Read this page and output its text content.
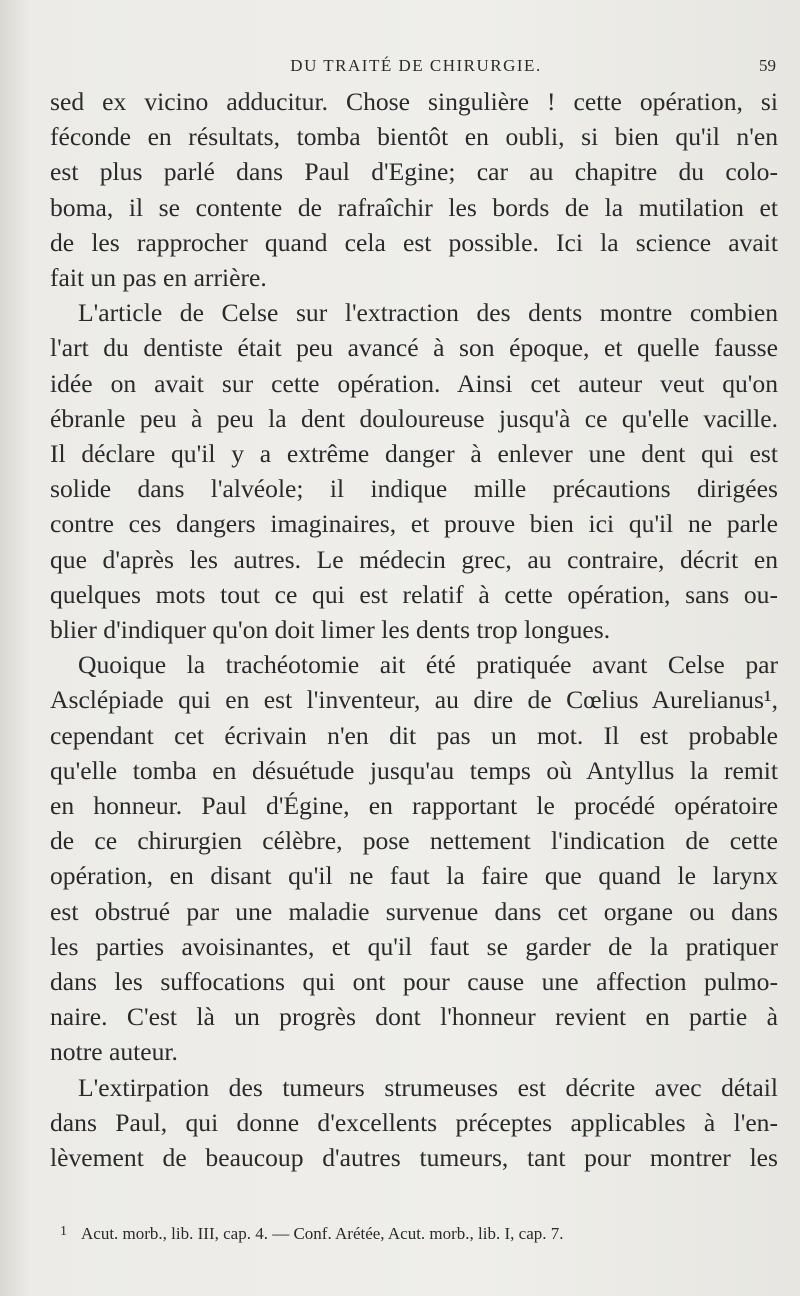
DU TRAITÉ DE CHIRURGIE.	59

sed ex vicino adducitur. Chose singulière ! cette opération, si
féconde en résultats, tomba bientôt en oubli, si bien qu'il n'en
est plus parlé dans Paul d'Egine; car au chapitre du colo-
boma, il se contente de rafraîchir les bords de la mutilation et
de les rapprocher quand cela est possible. Ici la science avait
fait un pas en arrière.

L'article de Celse sur l'extraction des dents montre combien
l'art du dentiste était peu avancé à son époque, et quelle fausse
idée on avait sur cette opération. Ainsi cet auteur veut qu'on
ébranle peu à peu la dent douloureuse jusqu'à ce qu'elle vacille.
Il déclare qu'il y a extrême danger à enlever une dent qui est
solide dans l'alvéole; il indique mille précautions dirigées
contre ces dangers imaginaires, et prouve bien ici qu'il ne parle
que d'après les autres. Le médecin grec, au contraire, décrit en
quelques mots tout ce qui est relatif à cette opération, sans ou-
blier d'indiquer qu'on doit limer les dents trop longues.

Quoique la trachéotomie ait été pratiquée avant Celse par
Asclépiade qui en est l'inventeur, au dire de Cœlius Aurelianus¹,
cependant cet écrivain n'en dit pas un mot. Il est probable
qu'elle tomba en désuétude jusqu'au temps où Antyllus la remit
en honneur. Paul d'Égine, en rapportant le procédé opératoire
de ce chirurgien célèbre, pose nettement l'indication de cette
opération, en disant qu'il ne faut la faire que quand le larynx
est obstrué par une maladie survenue dans cet organe ou dans
les parties avoisinantes, et qu'il faut se garder de la pratiquer
dans les suffocations qui ont pour cause une affection pulmo-
naire. C'est là un progrès dont l'honneur revient en partie à
notre auteur.

L'extirpation des tumeurs strumeuses est décrite avec détail
dans Paul, qui donne d'excellents préceptes applicables à l'en-
lèvement de beaucoup d'autres tumeurs, tant pour montrer les

$^1$ Acut. morb., lib. III, cap. 4. — Conf. Arétée, Acut. morb., lib. I, cap. 7.
